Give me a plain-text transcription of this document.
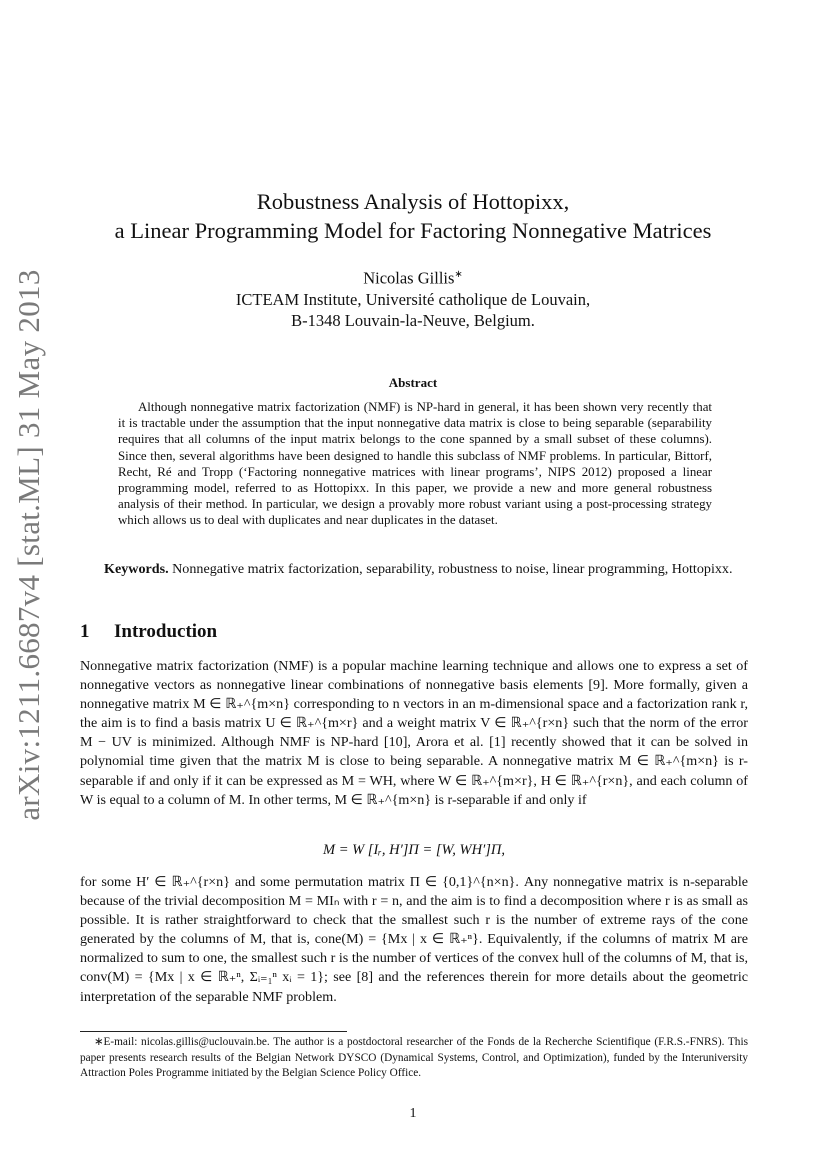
arXiv:1211.6687v4 [stat.ML] 31 May 2013
Robustness Analysis of Hottopixx,
a Linear Programming Model for Factoring Nonnegative Matrices
Nicolas Gillis∗
ICTEAM Institute, Université catholique de Louvain,
B-1348 Louvain-la-Neuve, Belgium.
Abstract
Although nonnegative matrix factorization (NMF) is NP-hard in general, it has been shown very recently that it is tractable under the assumption that the input nonnegative data matrix is close to being separable (separability requires that all columns of the input matrix belongs to the cone spanned by a small subset of these columns). Since then, several algorithms have been designed to handle this subclass of NMF problems. In particular, Bittorf, Recht, Ré and Tropp (‘Factoring nonnegative matrices with linear programs’, NIPS 2012) proposed a linear programming model, referred to as Hottopixx. In this paper, we provide a new and more general robustness analysis of their method. In particular, we design a provably more robust variant using a post-processing strategy which allows us to deal with duplicates and near duplicates in the dataset.
Keywords. Nonnegative matrix factorization, separability, robustness to noise, linear programming, Hottopixx.
1 Introduction
Nonnegative matrix factorization (NMF) is a popular machine learning technique and allows one to express a set of nonnegative vectors as nonnegative linear combinations of nonnegative basis elements [9]. More formally, given a nonnegative matrix M ∈ ℝ₊^{m×n} corresponding to n vectors in an m-dimensional space and a factorization rank r, the aim is to find a basis matrix U ∈ ℝ₊^{m×r} and a weight matrix V ∈ ℝ₊^{r×n} such that the norm of the error M − UV is minimized. Although NMF is NP-hard [10], Arora et al. [1] recently showed that it can be solved in polynomial time given that the matrix M is close to being separable. A nonnegative matrix M ∈ ℝ₊^{m×n} is r-separable if and only if it can be expressed as M = WH, where W ∈ ℝ₊^{m×r}, H ∈ ℝ₊^{r×n}, and each column of W is equal to a column of M. In other terms, M ∈ ℝ₊^{m×n} is r-separable if and only if
M = W [Iᵣ, H′]Π = [W, WH′]Π,
for some H′ ∈ ℝ₊^{r×n} and some permutation matrix Π ∈ {0,1}^{n×n}. Any nonnegative matrix is n-separable because of the trivial decomposition M = MIₙ with r = n, and the aim is to find a decomposition where r is as small as possible. It is rather straightforward to check that the smallest such r is the number of extreme rays of the cone generated by the columns of M, that is, cone(M) = {Mx | x ∈ ℝ₊ⁿ}. Equivalently, if the columns of matrix M are normalized to sum to one, the smallest such r is the number of vertices of the convex hull of the columns of M, that is, conv(M) = {Mx | x ∈ ℝ₊ⁿ, Σᵢ₌₁ⁿ xᵢ = 1}; see [8] and the references therein for more details about the geometric interpretation of the separable NMF problem.
∗E-mail: nicolas.gillis@uclouvain.be. The author is a postdoctoral researcher of the Fonds de la Recherche Scientifique (F.R.S.-FNRS). This paper presents research results of the Belgian Network DYSCO (Dynamical Systems, Control, and Optimization), funded by the Interuniversity Attraction Poles Programme initiated by the Belgian Science Policy Office.
1
